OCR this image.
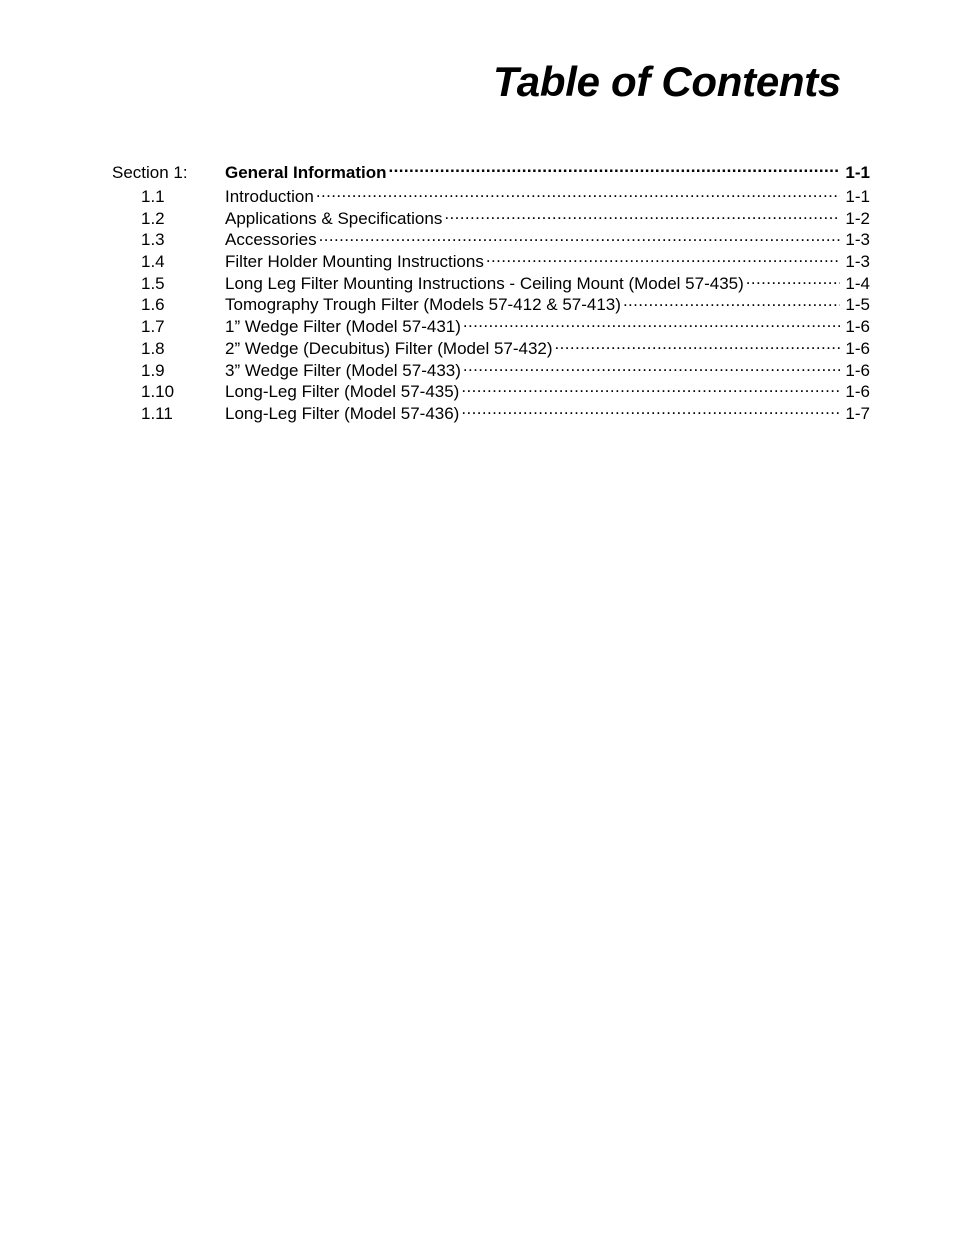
Table of Contents
Section 1:	General Information .....	1-1
1.1	Introduction .....	1-1
1.2	Applications & Specifications .....	1-2
1.3	Accessories .....	1-3
1.4	Filter Holder Mounting Instructions .....	1-3
1.5	Long Leg Filter Mounting Instructions - Ceiling Mount (Model 57-435) .....	1-4
1.6	Tomography Trough Filter (Models 57-412 & 57-413) .....	1-5
1.7	1” Wedge Filter (Model 57-431) .....	1-6
1.8	2” Wedge (Decubitus) Filter (Model 57-432) .....	1-6
1.9	3” Wedge Filter (Model 57-433) .....	1-6
1.10	Long-Leg Filter (Model 57-435) .....	1-6
1.11	Long-Leg Filter (Model 57-436) .....	1-7
